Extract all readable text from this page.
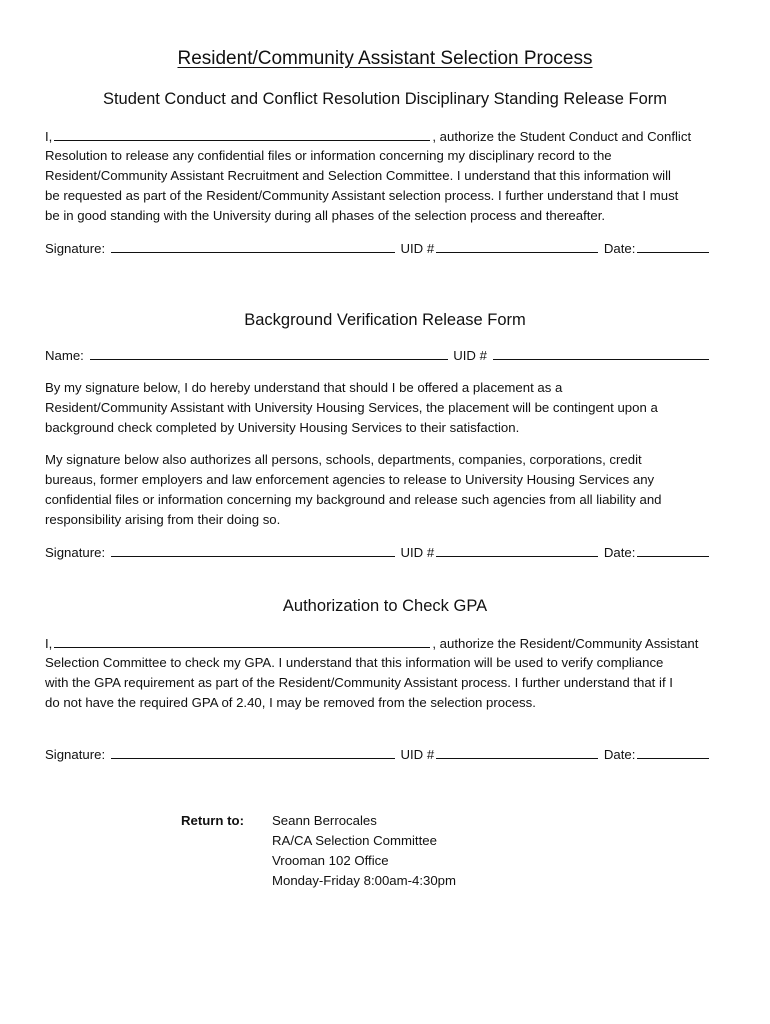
Resident/Community Assistant Selection Process
Student Conduct and Conflict Resolution Disciplinary Standing Release Form
I,	, authorize the Student Conduct and Conflict

Resolution to release any confidential files or information concerning my disciplinary record to the

Resident/Community Assistant Recruitment and Selection Committee. I understand that this information will

be requested as part of the Resident/Community Assistant selection process. I further understand that I must

be in good standing with the University during all phases of the selection process and thereafter.

Signature:	UID #	Date:
Background Verification Release Form
Name:	UID #

By my signature below, I do hereby understand that should I be offered a placement as a

Resident/Community Assistant with University Housing Services, the placement will be contingent upon a

background check completed by University Housing Services to their satisfaction.

My signature below also authorizes all persons, schools, departments, companies, corporations, credit

bureaus, former employers and law enforcement agencies to release to University Housing Services any

confidential files or information concerning my background and release such agencies from all liability and

responsibility arising from their doing so.

Signature:	UID #	Date:
Authorization to Check GPA
I,	, authorize the Resident/Community Assistant

Selection Committee to check my GPA. I understand that this information will be used to verify compliance

with the GPA requirement as part of the Resident/Community Assistant process. I further understand that if I

do not have the required GPA of 2.40, I may be removed from the selection process.

Signature:	UID #	Date:
Return to: Seann Berrocales
RA/CA Selection Committee
Vrooman 102 Office
Monday-Friday 8:00am-4:30pm
